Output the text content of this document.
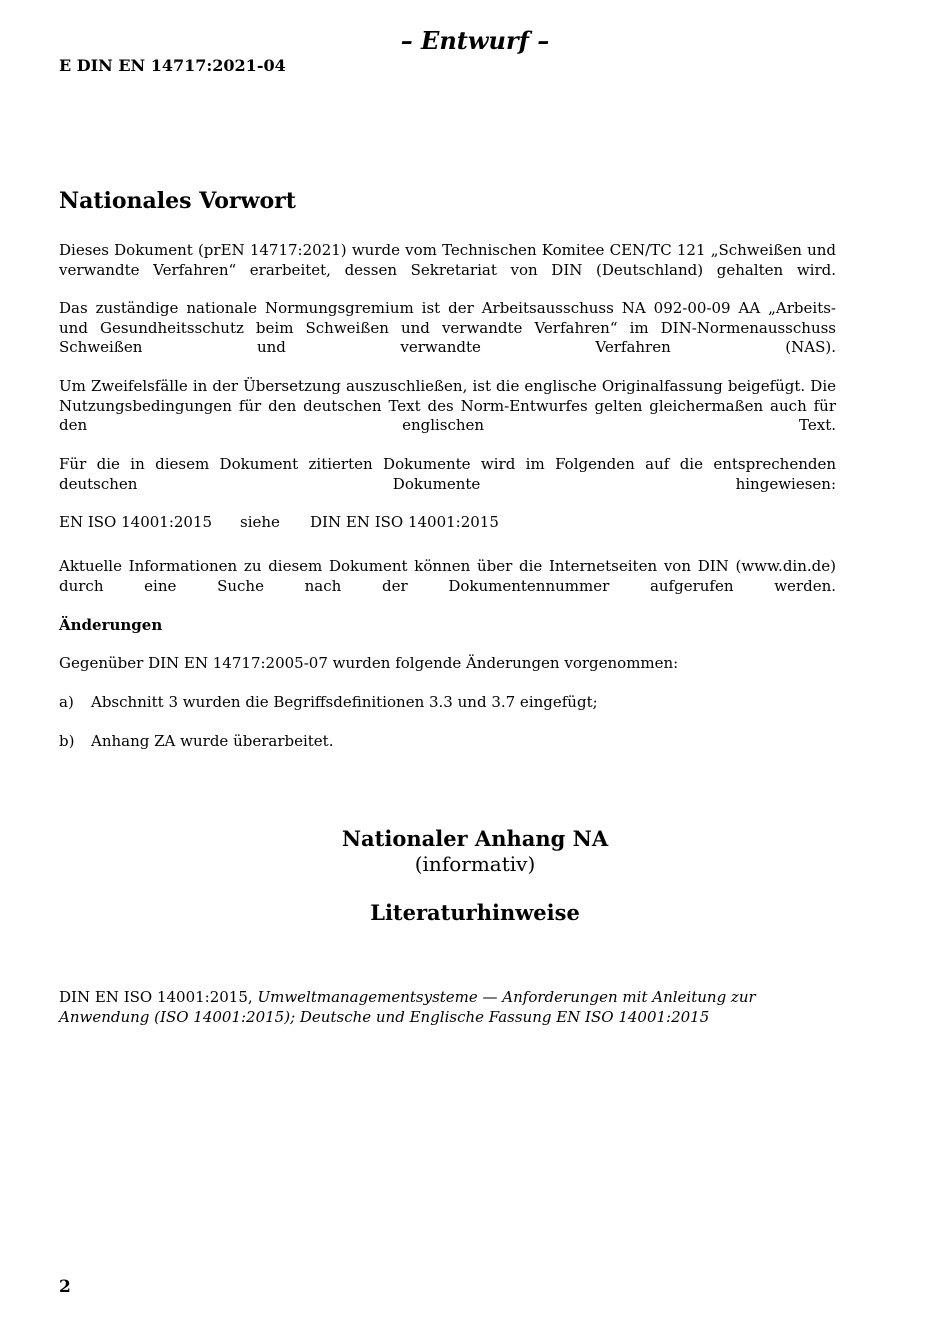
– Entwurf –
E DIN EN 14717:2021-04
Nationales Vorwort

Dieses Dokument (prEN 14717:2021) wurde vom Technischen Komitee CEN/TC 121 „Schweißen und verwandte Verfahren“ erarbeitet, dessen Sekretariat von DIN (Deutschland) gehalten wird.

Das zuständige nationale Normungsgremium ist der Arbeitsausschuss NA 092-00-09 AA „Arbeits- und Gesundheitsschutz beim Schweißen und verwandte Verfahren“ im DIN-Normenausschuss Schweißen und verwandte Verfahren (NAS).

Um Zweifelsfälle in der Übersetzung auszuschließen, ist die englische Originalfassung beigefügt. Die Nutzungsbedingungen für den deutschen Text des Norm-Entwurfes gelten gleichermaßen auch für den englischen Text.

Für die in diesem Dokument zitierten Dokumente wird im Folgenden auf die entsprechenden deutschen Dokumente hingewiesen:

EN ISO 14001:2015 siehe DIN EN ISO 14001:2015

Aktuelle Informationen zu diesem Dokument können über die Internetseiten von DIN (www.din.de) durch eine Suche nach der Dokumentennummer aufgerufen werden.

Änderungen

Gegenüber DIN EN 14717:2005-07 wurden folgende Änderungen vorgenommen:

a) Abschnitt 3 wurden die Begriffsdefinitionen 3.3 und 3.7 eingefügt;
b) Anhang ZA wurde überarbeitet.
Nationaler Anhang NA
(informativ)
Literaturhinweise
DIN EN ISO 14001:2015, Umweltmanagementsysteme — Anforderungen mit Anleitung zur Anwendung (ISO 14001:2015); Deutsche und Englische Fassung EN ISO 14001:2015
2
